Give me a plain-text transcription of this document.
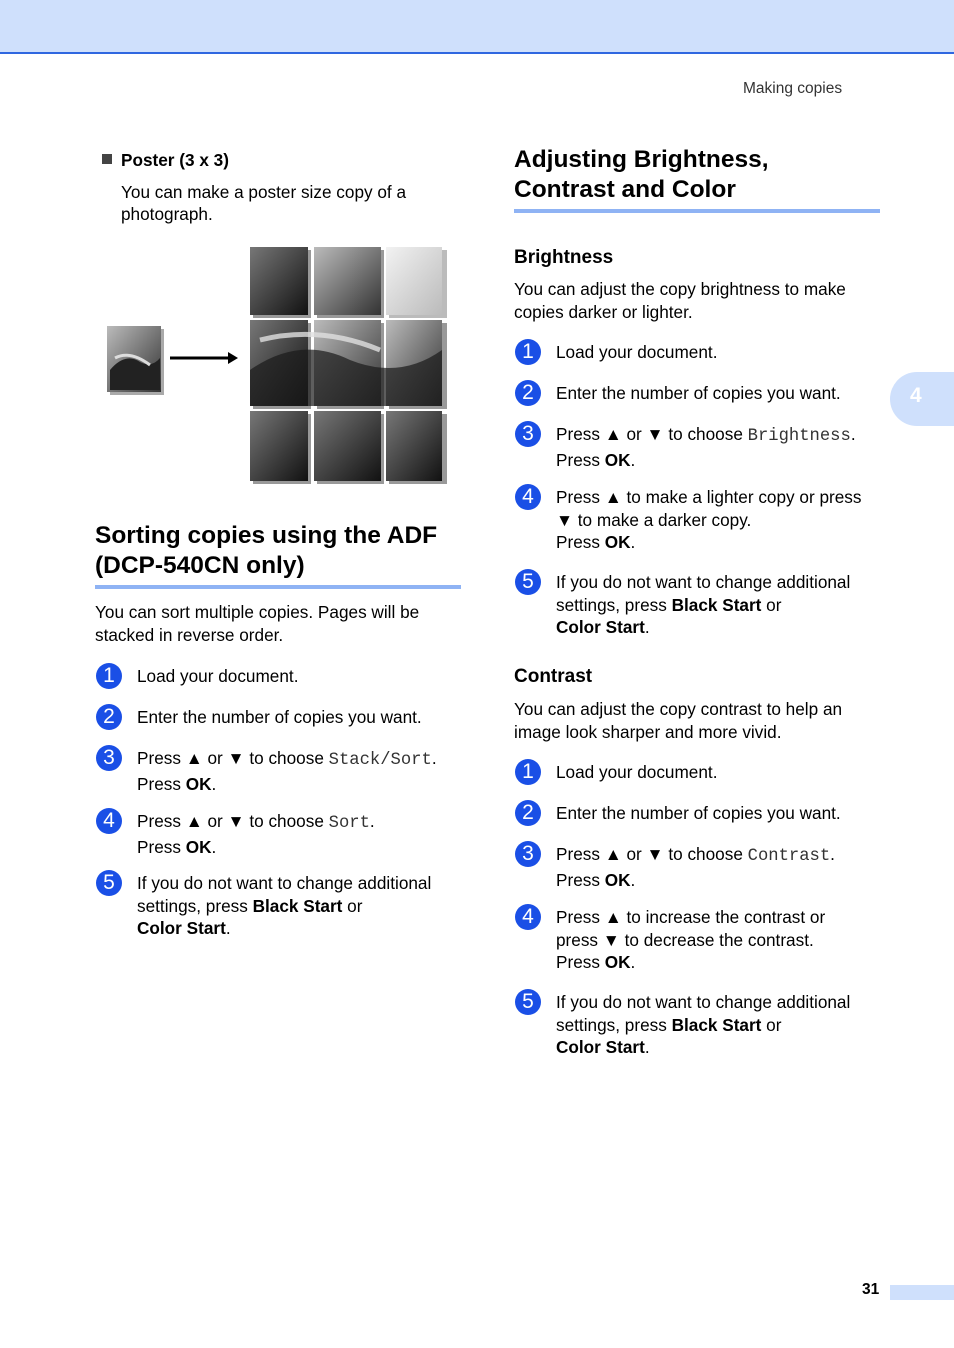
Making copies
4

Poster (3 x 3)

You can make a poster size copy of a

photograph.

Sorting copies using the ADF
(DCP-540CN only)

You can sort multiple copies. Pages will be

stacked in reverse order.

1	Load your document.
2	Enter the number of copies you want.
3	Press ▲ or ▼ to choose Stack/Sort.
Press OK.
4	Press ▲ or ▼ to choose Sort.
Press OK.
5	If you do not want to change additional
settings, press Black Start or
Color Start.
Adjusting Brightness,
Contrast and Color

Brightness

You can adjust the copy brightness to make

copies darker or lighter.

1	Load your document.
2	Enter the number of copies you want.
3	Press ▲ or ▼ to choose Brightness.
Press OK.
4	Press ▲ to make a lighter copy or press
▼ to make a darker copy.
Press OK.
5	If you do not want to change additional
settings, press Black Start or
Color Start.

Contrast

You can adjust the copy contrast to help an

image look sharper and more vivid.

1	Load your document.
2	Enter the number of copies you want.
3	Press ▲ or ▼ to choose Contrast.
Press OK.
4	Press ▲ to increase the contrast or
press ▼ to decrease the contrast.
Press OK.
5	If you do not want to change additional
settings, press Black Start or
Color Start.
31
